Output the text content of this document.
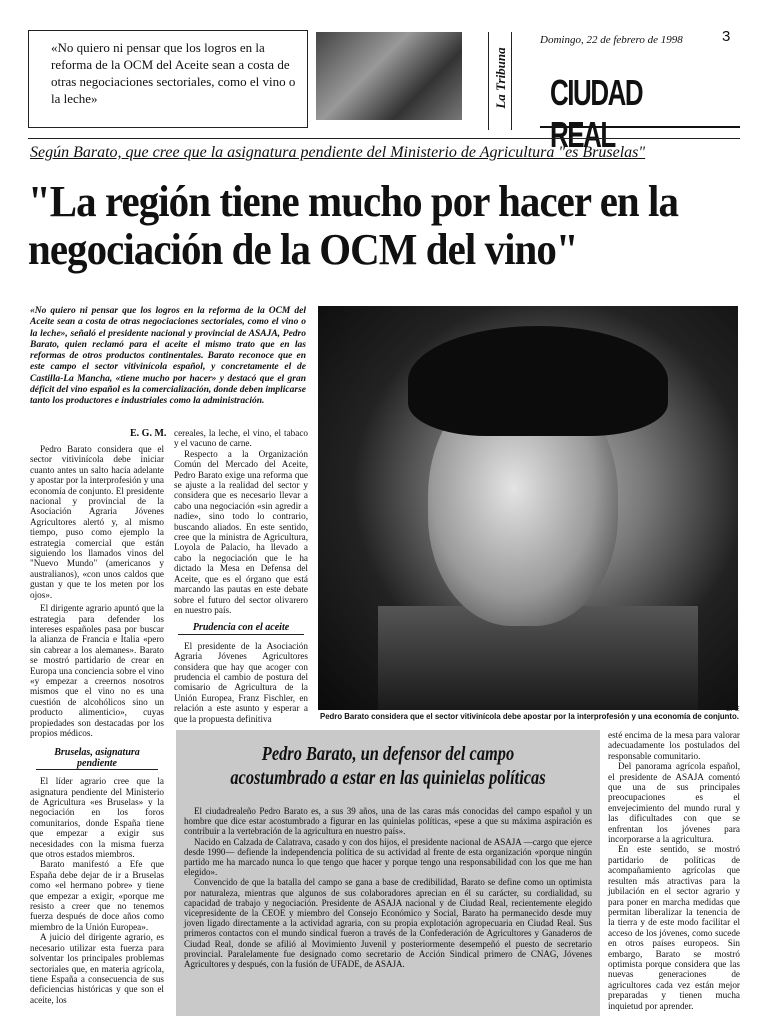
«No quiero ni pensar que los logros en la reforma de la OCM del Aceite sean a costa de otras negociaciones sectoriales, como el vino o la leche»	La Tribuna
Domingo, 22 de febrero de 1998	3
CIUDAD REAL
Según Barato, que cree que la asignatura pendiente del Ministerio de Agricultura "es Bruselas"
"La región tiene mucho por hacer en la negociación de la OCM del vino"
«No quiero ni pensar que los logros en la reforma de la OCM del Aceite sean a costa de otras negociaciones sectoriales, como el vino o la leche», señaló el presidente nacional y provincial de ASAJA, Pedro Barato, quien reclamó para el aceite el mismo trato que en las reformas de otros productos continentales. Barato reconoce que en este campo el sector vitivinícola español, y concretamente el de Castilla-La Mancha, «tiene mucho por hacer» y destacó que el gran déficit del vino español es la comercialización, donde deben implicarse tanto los productores e industriales como la administración.
E. G. M.
Pedro Barato considera que el sector vitivinícola debe iniciar cuanto antes un salto hacia adelante y apostar por la interprofesión y una economía de conjunto. El presidente nacional y provincial de la Asociación Agraria Jóvenes Agricultores alertó y, al mismo tiempo, puso como ejemplo la estrategia comercial que están siguiendo los llamados vinos del "Nuevo Mundo" (americanos y australianos), «con unos caldos que gustan y que te los meten por los ojos».
El dirigente agrario apuntó que la estrategia para defender los intereses españoles pasa por buscar la alianza de Francia e Italia «pero sin cabrear a los alemanes». Barato se mostró partidario de crear en Europa una conciencia sobre el vino «y empezar a creernos nosotros mismos que el vino no es una cuestión de alcohólicos sino un producto alimenticio», cuyas propiedades son destacadas por los propios médicos.
Bruselas, asignatura pendiente
El líder agrario cree que la asignatura pendiente del Ministerio de Agricultura «es Bruselas» y la negociación en los foros comunitarios, donde España tiene que empezar a exigir sus necesidades con la misma fuerza que otros estados miembros.
Barato manifestó a Efe que España debe dejar de ir a Bruselas como «el hermano pobre» y tiene que empezar a exigir, «porque me resisto a creer que no tenemos fuerza después de doce años como miembro de la Unión Europea».
A juicio del dirigente agrario, es necesario utilizar esta fuerza para solventar los principales problemas sectoriales que, en materia agrícola, tiene España a consecuencia de sus deficiencias históricas y que son el aceite, los
cereales, la leche, el vino, el tabaco y el vacuno de carne.
Respecto a la Organización Común del Mercado del Aceite, Pedro Barato exige una reforma que se ajuste a la realidad del sector y considera que es necesario llevar a cabo una negociación «sin agredir a nadie», sino todo lo contrario, buscando aliados. En este sentido, cree que la ministra de Agricultura, Loyola de Palacio, ha llevado a cabo la negociación que le ha dictado la Mesa en Defensa del Aceite, que es el órgano que está marcando las pautas en este debate sobre el futuro del sector olivarero en nuestro país.
Prudencia con el aceite
El presidente de la Asociación Agraria Jóvenes Agricultores considera que hay que acoger con prudencia el cambio de postura del comisario de Agricultura de la Unión Europea, Franz Fischler, en relación a este asunto y esperar a que la propuesta definitiva
EFE
Pedro Barato considera que el sector vitivinícola debe apostar por la interprofesión y una economía de conjunto.
esté encima de la mesa para valorar adecuadamente los postulados del responsable comunitario.
Del panorama agrícola español, el presidente de ASAJA comentó que una de sus principales preocupaciones es el envejecimiento del mundo rural y las dificultades con que se enfrentan los jóvenes para incorporarse a la agricultura.
En este sentido, se mostró partidario de políticas de acompañamiento agrícolas que resulten más atractivas para la jubilación en el sector agrario y para poner en marcha medidas que permitan liberalizar la tenencia de la tierra y de este modo facilitar el acceso de los jóvenes, como sucede en otros países europeos. Sin embargo, Barato se mostró optimista porque considera que las nuevas generaciones de agricultores cada vez están mejor preparadas y tienen mucha inquietud por aprender.
Pedro Barato, un defensor del campo acostumbrado a estar en las quinielas políticas
El ciudadrealeño Pedro Barato es, a sus 39 años, una de las caras más conocidas del campo español y un hombre que dice estar acostumbrado a figurar en las quinielas políticas, «pese a que su máxima aspiración es contribuir a la vertebración de la agricultura en nuestro país».
Nacido en Calzada de Calatrava, casado y con dos hijos, el presidente nacional de ASAJA —cargo que ejerce desde 1990— defiende la independencia política de su actividad al frente de esta organización «porque ningún partido me ha marcado nunca lo que tengo que hacer y porque tengo una responsabilidad con los que me han elegido».
Convencido de que la batalla del campo se gana a base de credibilidad, Barato se define como un optimista por naturaleza, mientras que algunos de sus colaboradores aprecian en él su carácter, su cordialidad, su capacidad de trabajo y negociación. Presidente de ASAJA nacional y de Ciudad Real, recientemente elegido vicepresidente de la CEOE y miembro del Consejo Económico y Social, Barato ha permanecido desde muy joven ligado directamente a la actividad agraria, con su propia explotación agropecuaria en Ciudad Real. Sus primeros contactos con el mundo sindical fueron a través de la Confederación de Agricultores y Ganaderos de Ciudad Real, donde se afilió al Movimiento Juvenil y posteriormente desempeñó el puesto de secretario provincial. Paralelamente fue designado como secretario de Acción Sindical primero de CNAG, Jóvenes Agricultores y después, con la fusión de UFADE, de ASAJA.
